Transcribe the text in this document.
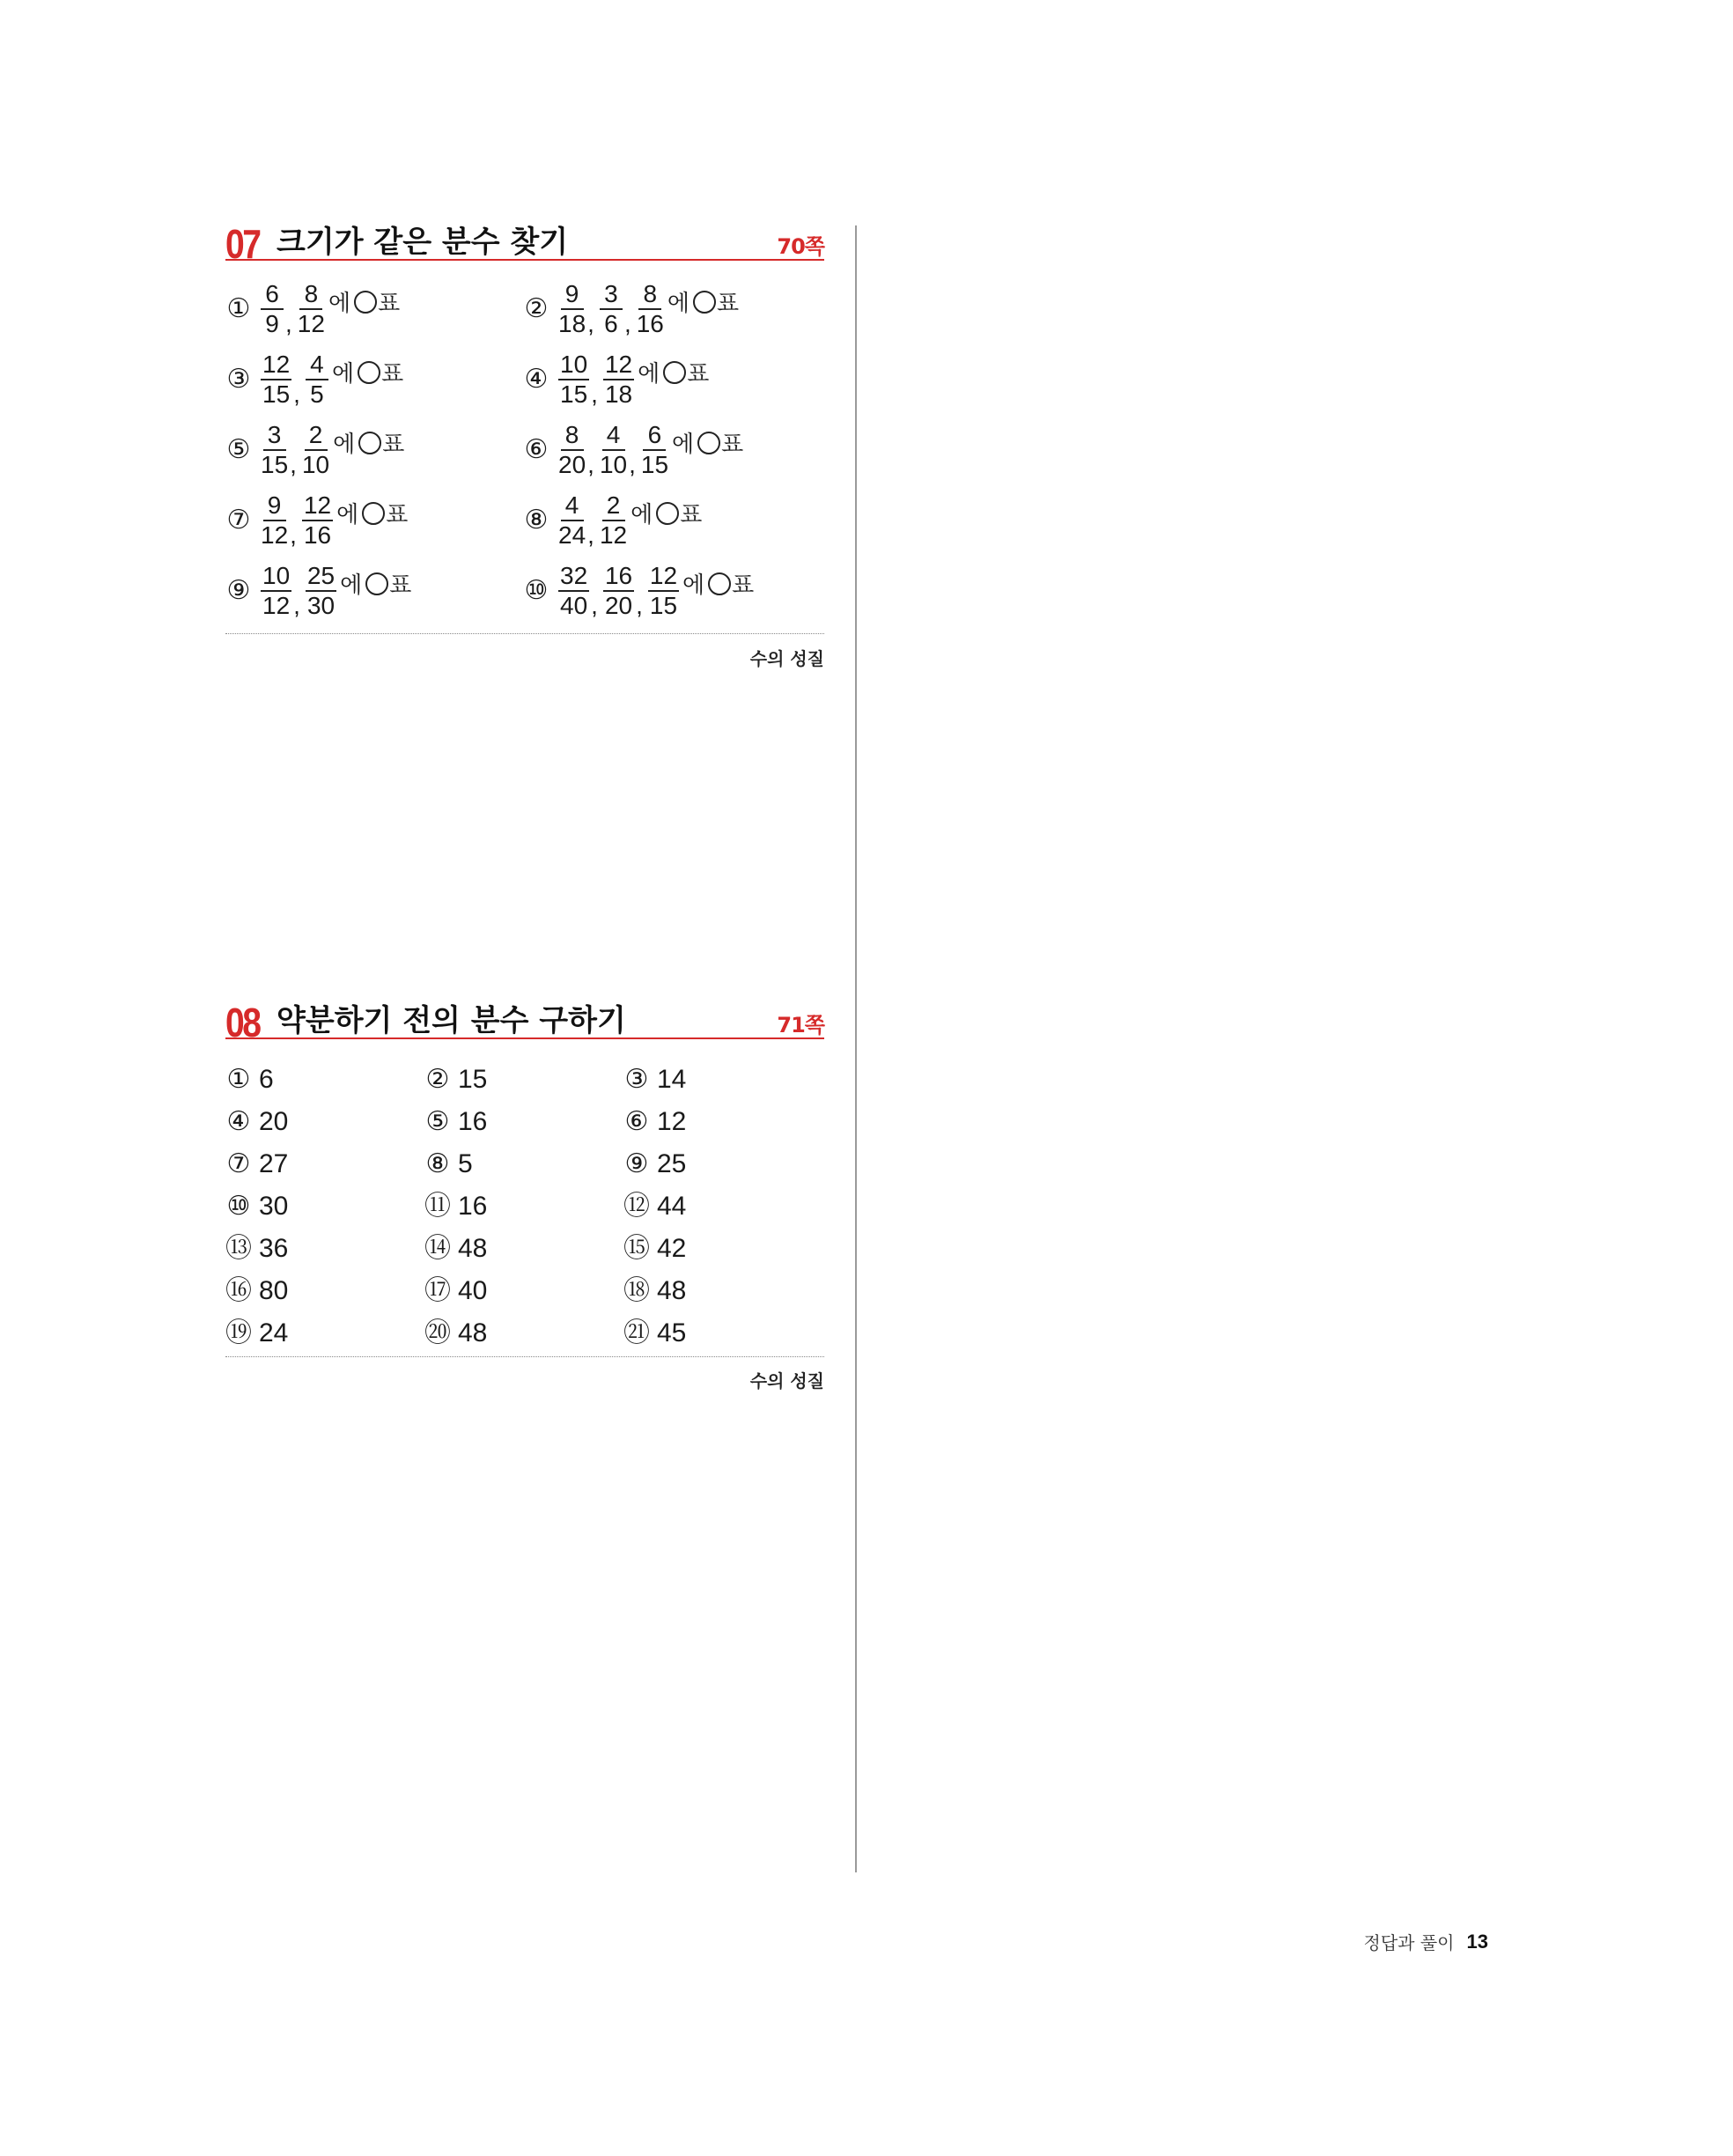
07 크기가 같은 분수 찾기	70쪽
① $\frac{6}{9}$ , $\frac{8}{12}$ 에 ○표	② $\frac{9}{18}$ , $\frac{3}{6}$ , $\frac{8}{16}$ 에 ○표
③ $\frac{12}{15}$ , $\frac{4}{5}$ 에 ○표	④ $\frac{10}{15}$ , $\frac{12}{18}$ 에 ○표
⑤ $\frac{3}{15}$ , $\frac{2}{10}$ 에 ○표	⑥ $\frac{8}{20}$ , $\frac{4}{10}$ , $\frac{6}{15}$ 에 ○표
⑦ $\frac{9}{12}$ , $\frac{12}{16}$ 에 ○표	⑧ $\frac{4}{24}$ , $\frac{2}{12}$ 에 ○표
⑨ $\frac{10}{12}$ , $\frac{25}{30}$ 에 ○표	⑩ $\frac{32}{40}$ , $\frac{16}{20}$ , $\frac{12}{15}$ 에 ○표
수의 성질
08 약분하기 전의 분수 구하기	71쪽
① 6	② 15	③ 14
④ 20	⑤ 16	⑥ 12
⑦ 27	⑧ 5	⑨ 25
⑩ 30	⑪ 16	⑫ 44
⑬ 36	⑭ 48	⑮ 42
⑯ 80	⑰ 40	⑱ 48
⑲ 24	⑳ 48	㉑ 45
수의 성질
정답과 풀이 13
